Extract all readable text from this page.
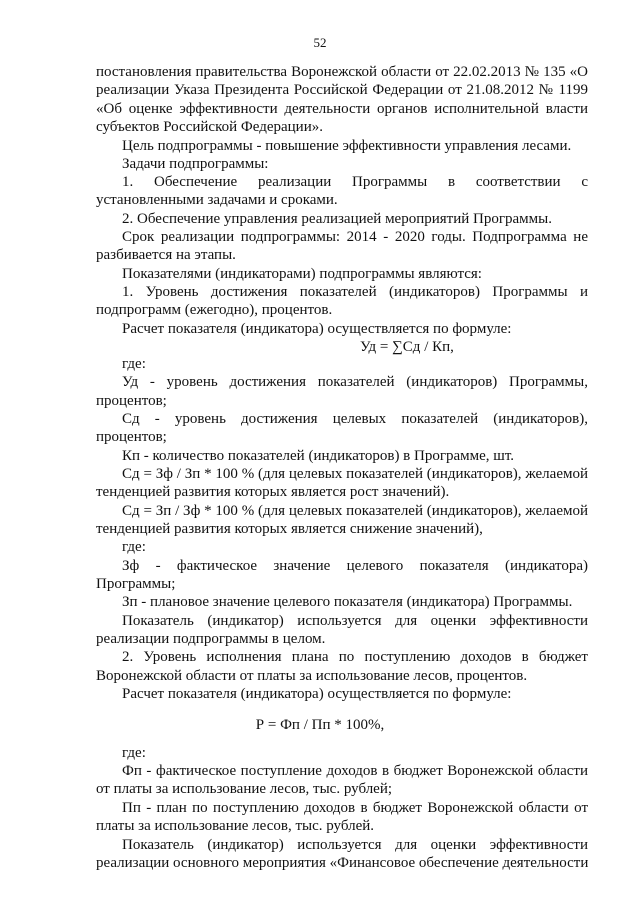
52
постановления правительства Воронежской области от 22.02.2013 № 135 «О
реализации Указа Президента Российской Федерации от 21.08.2012 № 1199
«Об оценке эффективности деятельности органов исполнительной власти
субъектов Российской Федерации».
Цель подпрограммы - повышение эффективности управления лесами.
Задачи подпрограммы:
1. Обеспечение реализации Программы в соответствии с
установленными задачами и сроками.
2. Обеспечение управления реализацией мероприятий Программы.
Срок реализации подпрограммы: 2014 - 2020 годы. Подпрограмма не
разбивается на этапы.
Показателями (индикаторами) подпрограммы являются:
1. Уровень достижения показателей (индикаторов) Программы и
подпрограмм (ежегодно), процентов.
Расчет показателя (индикатора) осуществляется по формуле:
Уд = ∑Сд / Кп,
где:
Уд - уровень достижения показателей (индикаторов) Программы,
процентов;
Сд - уровень достижения целевых показателей (индикаторов),
процентов;
Кп - количество показателей (индикаторов) в Программе, шт.
Сд = Зф / Зп * 100 % (для целевых показателей (индикаторов), желаемой
тенденцией развития которых является рост значений).
Сд = Зп / Зф * 100 % (для целевых показателей (индикаторов), желаемой
тенденцией развития которых является снижение значений),
где:
Зф - фактическое значение целевого показателя (индикатора)
Программы;
Зп - плановое значение целевого показателя (индикатора) Программы.
Показатель (индикатор) используется для оценки эффективности
реализации подпрограммы в целом.
2. Уровень исполнения плана по поступлению доходов в бюджет
Воронежской области от платы за использование лесов, процентов.
Расчет показателя (индикатора) осуществляется по формуле:
Р = Фп / Пп * 100%,
где:
Фп - фактическое поступление доходов в бюджет Воронежской области
от платы за использование лесов, тыс. рублей;
Пп - план по поступлению доходов в бюджет Воронежской области от
платы за использование лесов, тыс. рублей.
Показатель (индикатор) используется для оценки эффективности
реализации основного мероприятия «Финансовое обеспечение деятельности
